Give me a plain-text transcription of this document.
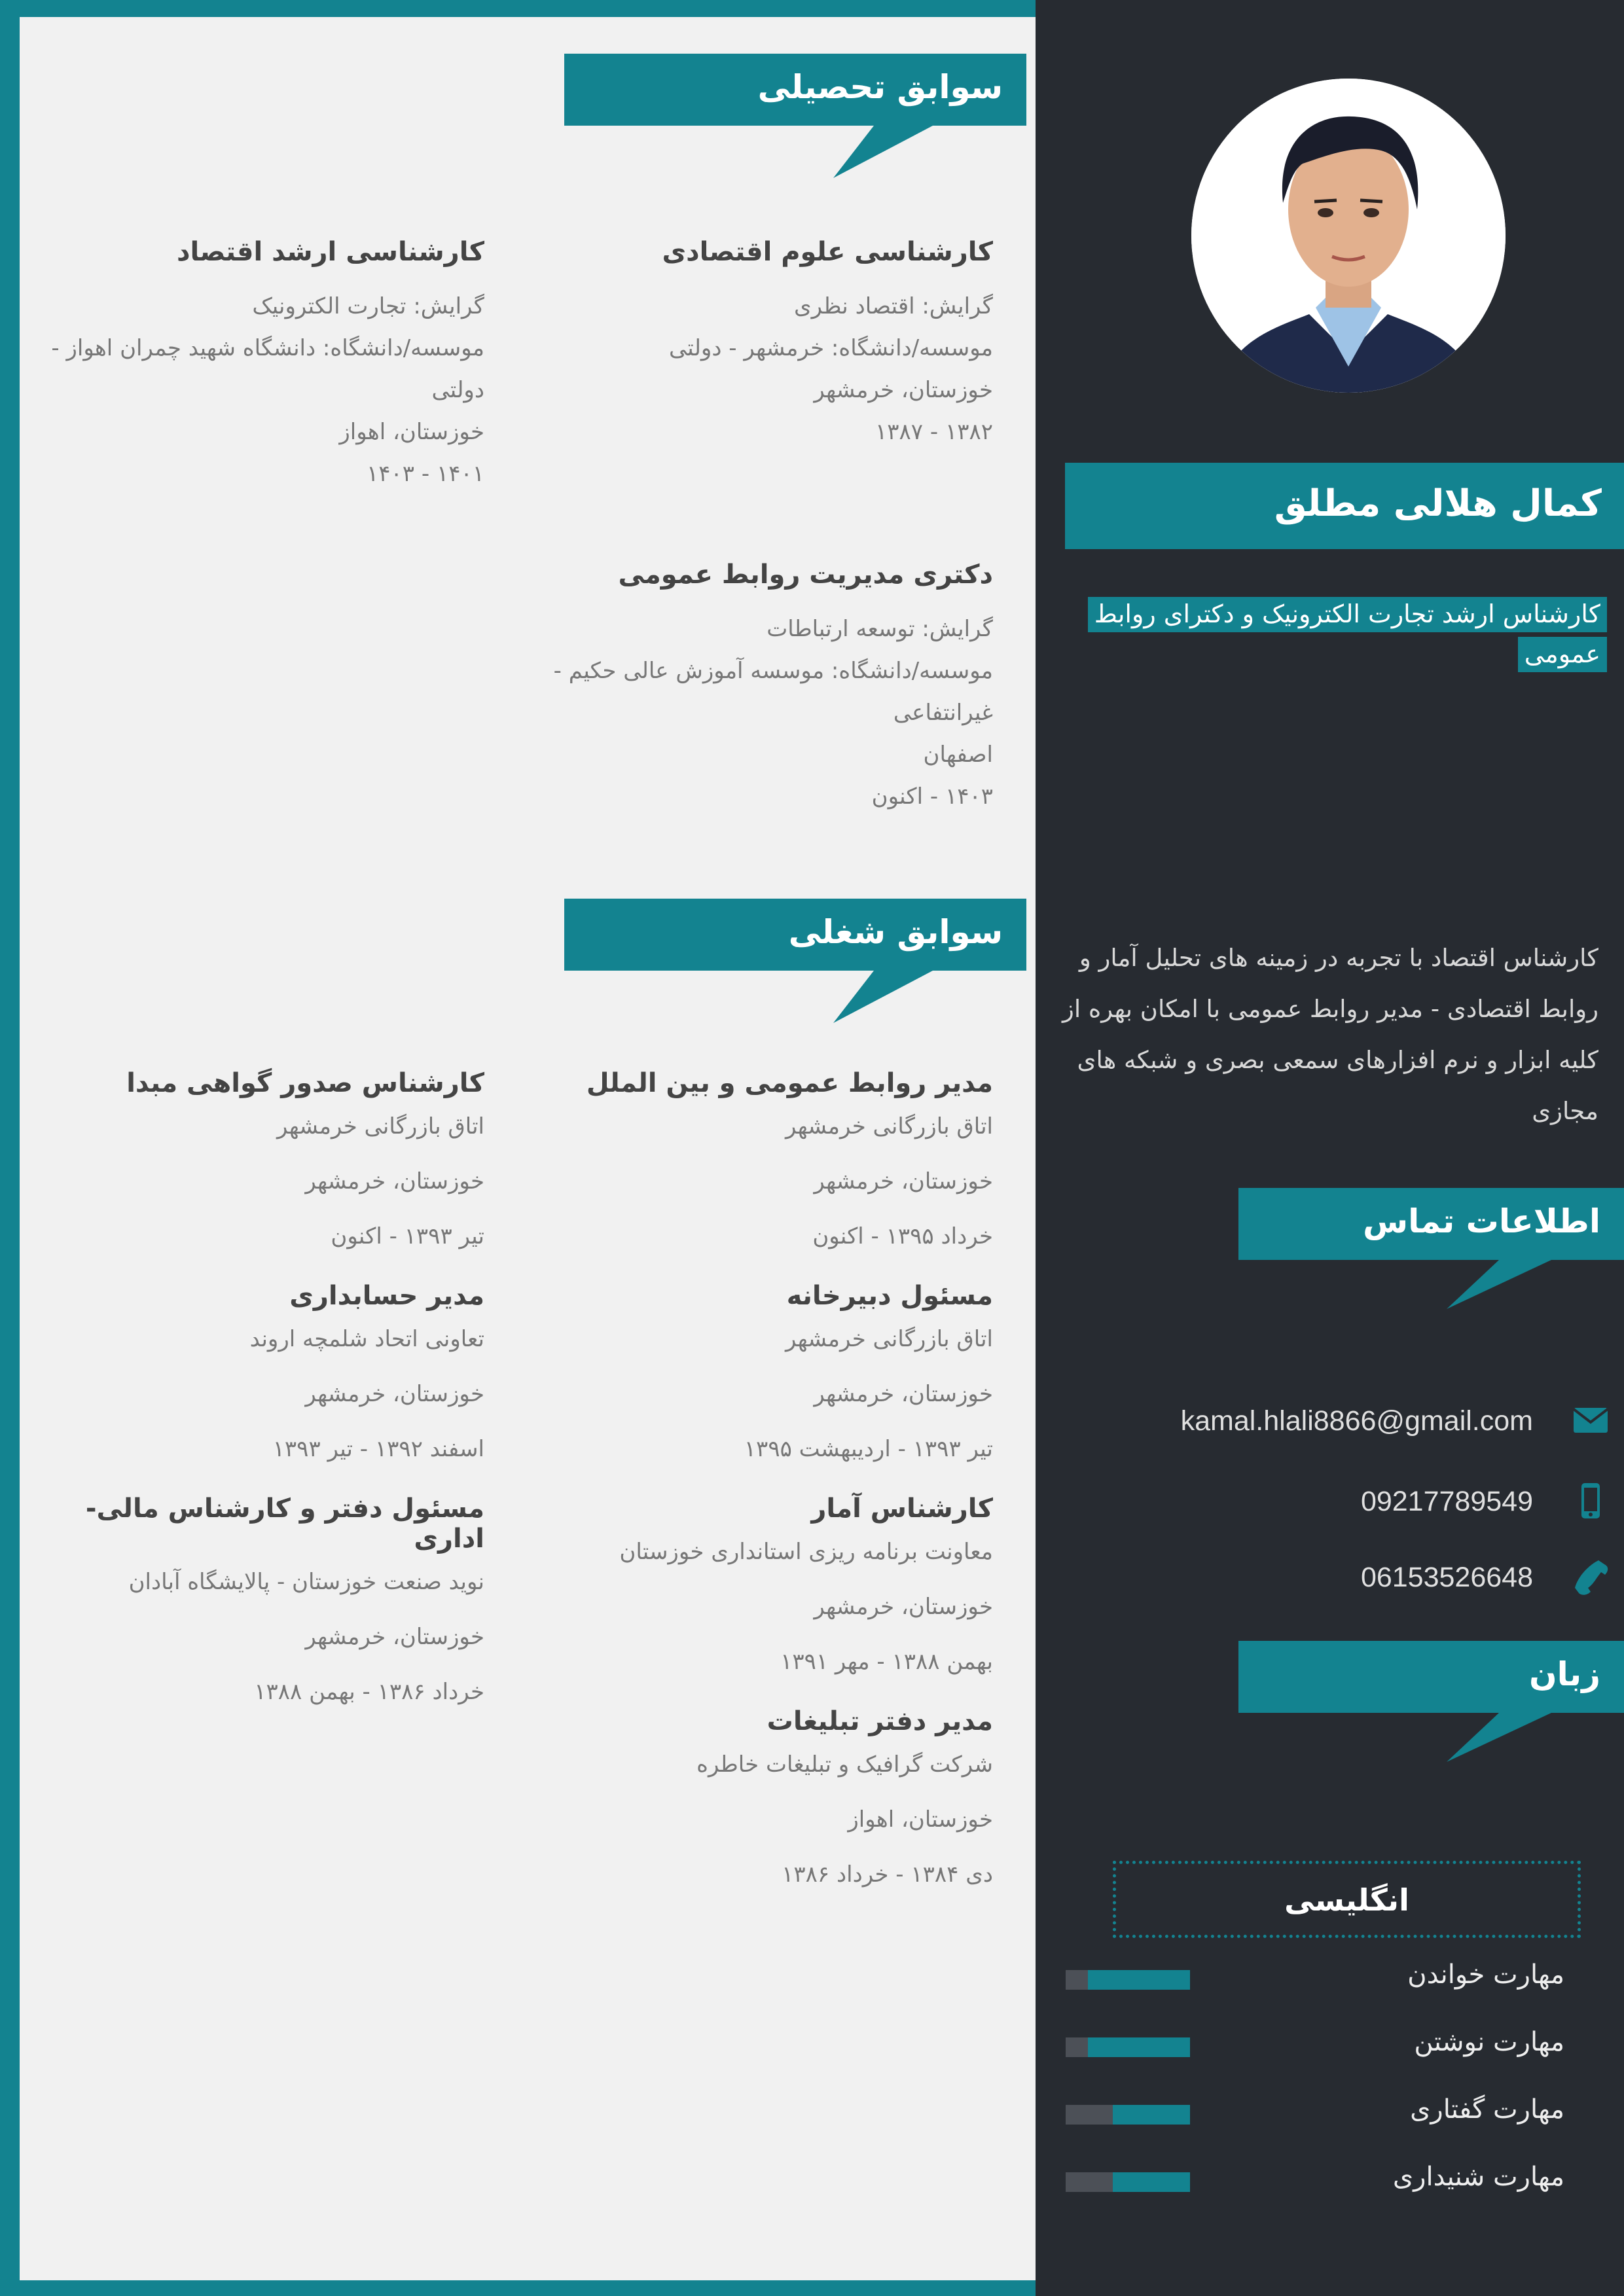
کمال هلالی مطلق
کارشناس ارشد تجارت الکترونیک و دکترای روابط عمومی
کارشناس اقتصاد با تجربه در زمینه های تحلیل آمار و روابط اقتصادی - مدیر روابط عمومی با امکان بهره از کلیه ابزار و نرم افزارهای سمعی بصری و شبکه های مجازی
اطلاعات تماس
kamal.hlali8866@gmail.com
09217789549
06153526648
زبان
انگلیسی
مهارت خواندن
مهارت نوشتن
مهارت گفتاری
مهارت شنیداری
سوابق تحصیلی
کارشناسی علوم اقتصادی

گرایش: اقتصاد نظری

موسسه/دانشگاه: خرمشهر - دولتی

خوزستان، خرمشهر

۱۳۸۲ - ۱۳۸۷

کارشناسی ارشد اقتصاد

گرایش: تجارت الکترونیک

موسسه/دانشگاه: دانشگاه شهید چمران اهواز - دولتی

خوزستان، اهواز

۱۴۰۱ - ۱۴۰۳

دکتری مدیریت روابط عمومی

گرایش: توسعه ارتباطات

موسسه/دانشگاه: موسسه آموزش عالی حکیم - غیرانتفاعی

اصفهان

۱۴۰۳ - اکنون

سوابق شغلی
مدیر روابط عمومی و بین الملل

اتاق بازرگانی خرمشهر

خوزستان، خرمشهر

خرداد ۱۳۹۵ - اکنون

مسئول دبیرخانه

اتاق بازرگانی خرمشهر

خوزستان، خرمشهر

تیر ۱۳۹۳ - اردیبهشت ۱۳۹۵

کارشناس آمار

معاونت برنامه ریزی استانداری خوزستان

خوزستان، خرمشهر

بهمن ۱۳۸۸ - مهر ۱۳۹۱

مدیر دفتر تبلیغات

شرکت گرافیک و تبلیغات خاطره

خوزستان، اهواز

دی ۱۳۸۴ - خرداد ۱۳۸۶

کارشناس صدور گواهی مبدا

اتاق بازرگانی خرمشهر

خوزستان، خرمشهر

تیر ۱۳۹۳ - اکنون

مدیر حسابداری

تعاونی اتحاد شلمچه اروند

خوزستان، خرمشهر

اسفند ۱۳۹۲ - تیر ۱۳۹۳

مسئول دفتر و کارشناس مالی-اداری

نوید صنعت خوزستان - پالایشگاه آبادان

خوزستان، خرمشهر

خرداد ۱۳۸۶ - بهمن ۱۳۸۸
